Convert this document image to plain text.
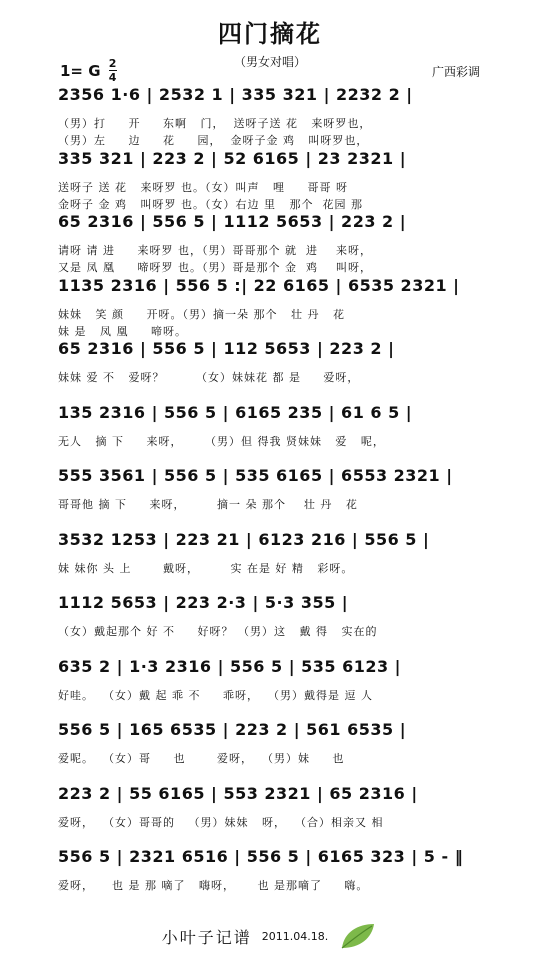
四门摘花
（男女对唱）
1= G 2
4	广西彩调
2356 1·6 | 2532 1 | 335 321 | 2232 2 |
（男）打     开     东啊   门，  送呀子送 花   来呀罗也，
（男）左     边     花     园，  金呀子金 鸡   叫呀罗也，
335 321 | 223 2 | 52 6165 | 23 2321 |
送呀子 送 花   来呀罗 也。（女）叫声   哩     哥哥 呀
金呀子 金 鸡   叫呀罗 也。（女）右边 里   那个  花园 那
65 2316 | 556 5 | 1112 5653 | 223 2 |
请呀 请 进     来呀罗 也，（男）哥哥那个 就  进    来呀，
又是 凤 凰     啼呀罗 也。（男）哥是那个 金  鸡    叫呀，
1135 2316 | 556 5 :| 22 6165 | 6535 2321 |
妹妹   笑 颜     开呀。（男）摘一朵 那个   壮 丹   花
妹 是   凤 凰     啼呀。
65 2316 | 556 5 | 112 5653 | 223 2 |
妹妹 爱 不   爱呀？       （女）妹妹花 都 是     爱呀，
135 2316 | 556 5 | 6165 235 | 61 6 5 |
无人   摘 下     来呀，     （男）但 得我 贤妹妹   爱   呢，
555 3561 | 556 5 | 535 6165 | 6553 2321 |
哥哥他 摘 下     来呀，       摘一 朵 那个    壮 丹   花
3532 1253 | 223 21 | 6123 216 | 556 5 |
妹 妹你 头 上       戴呀，       实 在是 好 精   彩呀。
1112 5653 | 223 2·3 | 5·3 355 |
（女）戴起那个 好 不     好呀？ （男）这   戴 得   实在的
635 2 | 1·3 2316 | 556 5 | 535 6123 |
好哇。  （女）戴 起 乖 不     乖呀，  （男）戴得是 逗 人
556 5 | 165 6535 | 223 2 | 561 6535 |
爱呢。  （女）哥     也       爱呀，  （男）妹     也
223 2 | 55 6165 | 553 2321 | 65 2316 |
爱呀，  （女）哥哥的   （男）妹妹   呀，  （合）相亲又 相
556 5 | 2321 6516 | 556 5 | 6165 323 | 5 - ‖
爱呀，    也 是 那 嘀了   嗨呀，     也 是那嘀了     嗨。
小叶子记谱 2011.04.18.
